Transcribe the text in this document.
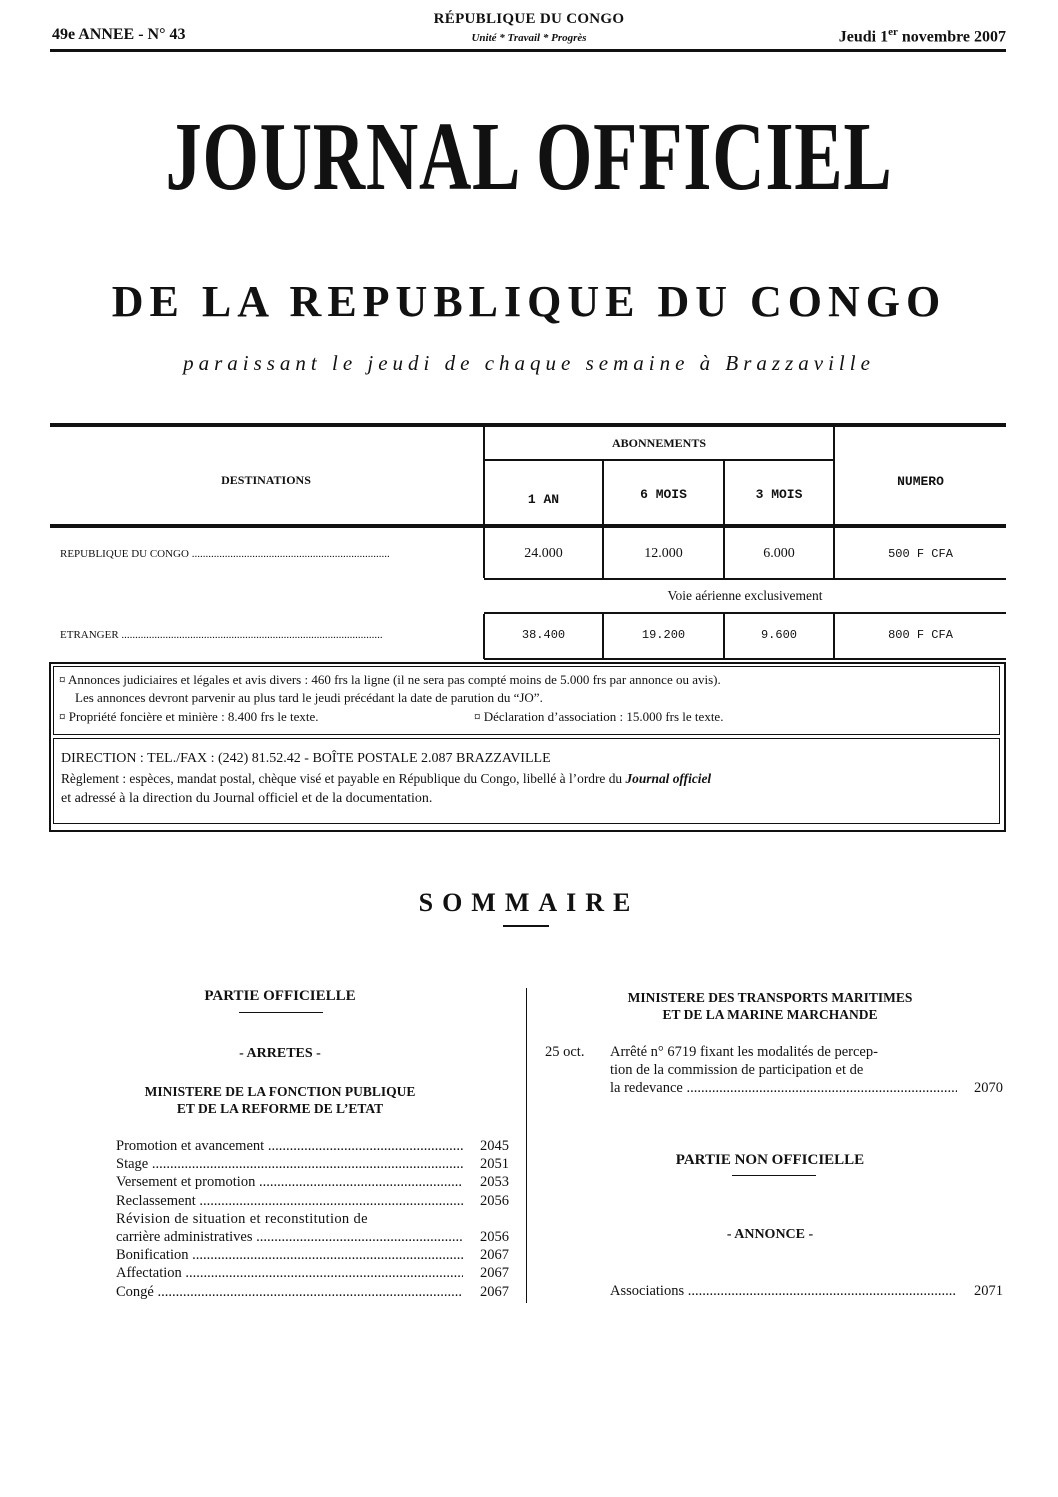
49e ANNEE - N° 43
RÉPUBLIQUE DU CONGO
Unité * Travail * Progrès	Jeudi 1er novembre 2007
JOURNAL OFFICIEL
DE LA REPUBLIQUE DU CONGO
paraissant le jeudi de chaque semaine à Brazzaville
DESTINATIONS
ABONNEMENTS
1 AN	6 MOIS	3 MOIS
NUMERO
REPUBLIQUE DU CONGO ........................................................................	24.000	12.000	6.000	500 F CFA
Voie aérienne exclusivement
ETRANGER ...............................................................................................	38.400	19.200	9.600	800 F CFA
¤ Annonces judiciaires et légales et avis divers : 460 frs la ligne (il ne sera pas compté moins de 5.000 frs par annonce ou avis).
Les annonces devront parvenir au plus tard le jeudi précédant la date de parution du “JO”.
¤ Propriété foncière et minière : 8.400 frs le texte.	¤ Déclaration d’association : 15.000 frs le texte.
DIRECTION : TEL./FAX : (242) 81.52.42 - BOÎTE POSTALE 2.087 BRAZZAVILLE
Règlement : espèces, mandat postal, chèque visé et payable en République du Congo, libellé à l’ordre du Journal officiel
et adressé à la direction du Journal officiel et de la documentation.
SOMMAIRE
PARTIE OFFICIELLE
- ARRETES -
MINISTERE DE LA FONCTION PUBLIQUE
ET DE LA REFORME DE L’ETAT
Promotion et avancement .....	2045
Stage .....	2051
Versement et promotion .....	2053
Reclassement .....	2056
Révision de situation et reconstitution de
carrière administratives .....	2056
Bonification .....	2067
Affectation .....	2067
Congé .....	2067
MINISTERE DES TRANSPORTS MARITIMES
ET DE LA MARINE MARCHANDE
25 oct. Arrêté n° 6719 fixant les modalités de percep-
tion de la commission de participation et de
la redevance .....	2070
PARTIE NON OFFICIELLE
- ANNONCE -
Associations .....	2071
